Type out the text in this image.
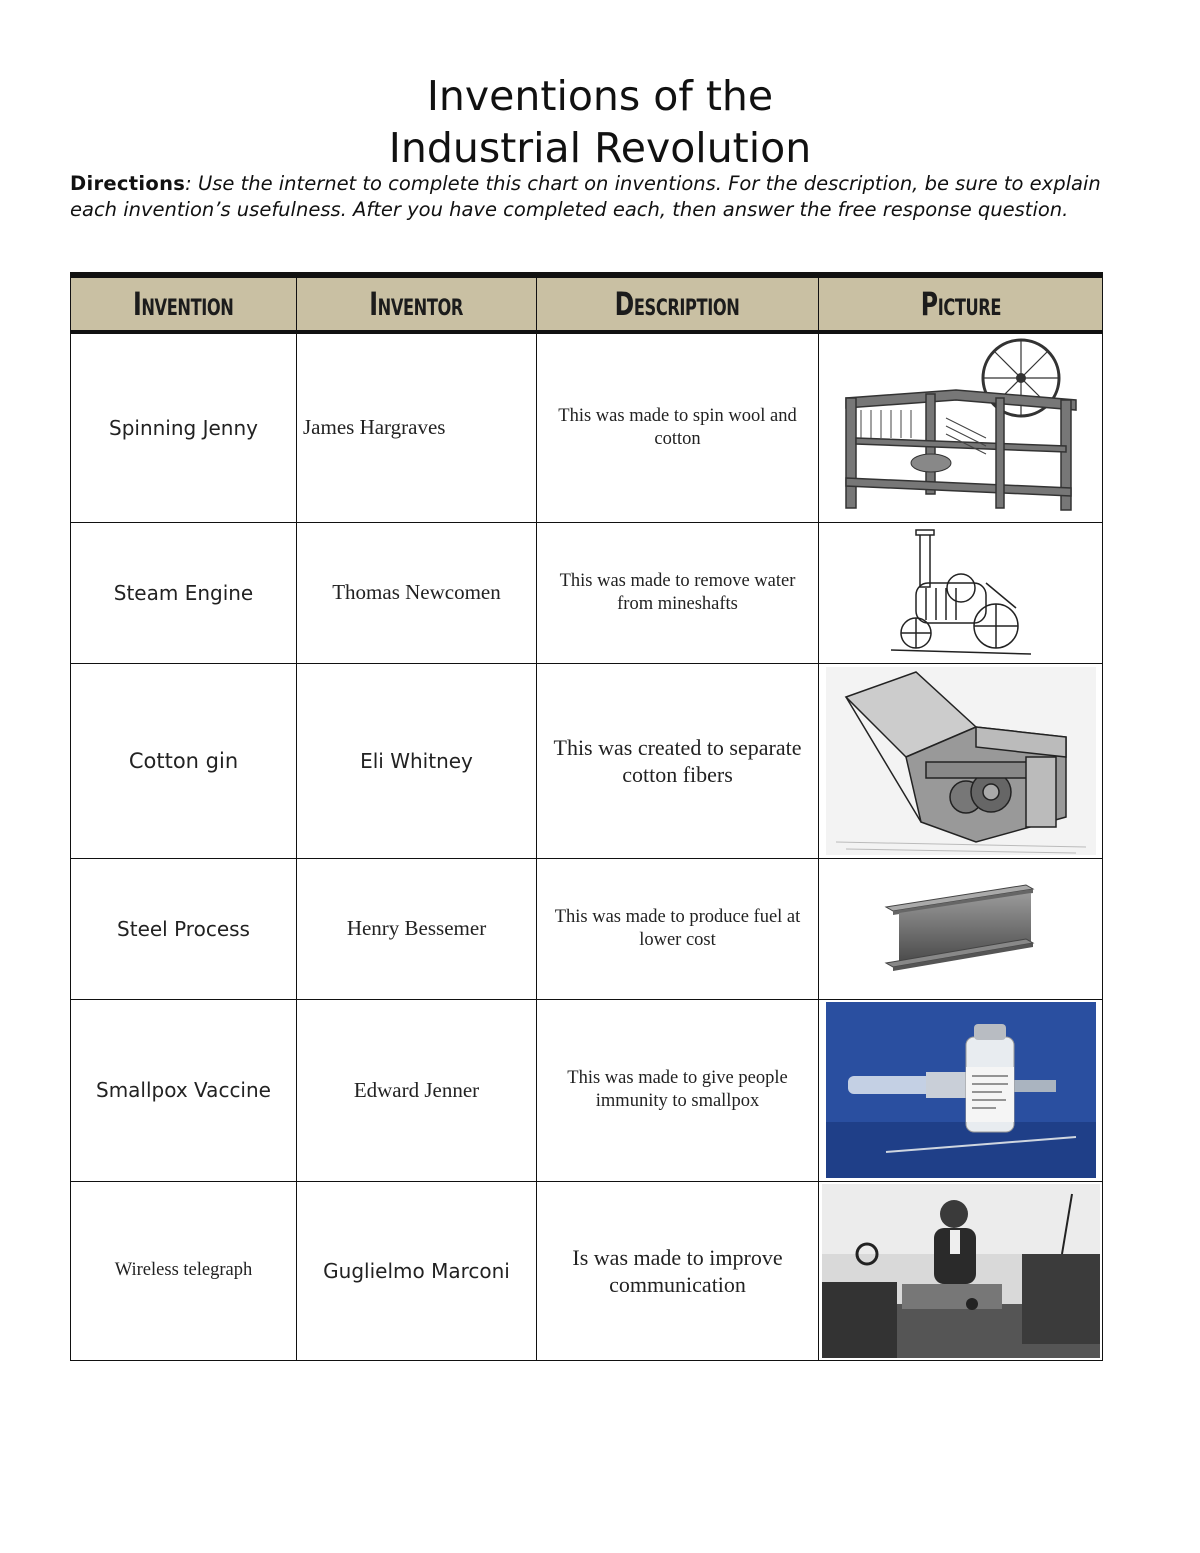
Inventions of the
Industrial Revolution
Directions: Use the internet to complete this chart on inventions. For the description, be sure to explain each invention’s usefulness. After you have completed each, then answer the free response question.
Invention	Inventor	Description	Picture
Spinning Jenny	James Hargraves	This was made to spin wool and cotton	

Steam Engine	Thomas Newcomen	This was made to remove water from mineshafts	

Cotton gin	Eli Whitney	This was created to separate cotton fibers	

Steel Process	Henry Bessemer	This was made to produce fuel at lower cost	

Smallpox Vaccine	Edward Jenner	This was made to give people immunity to smallpox	

Wireless telegraph	Guglielmo Marconi	Is was made to improve communication	
